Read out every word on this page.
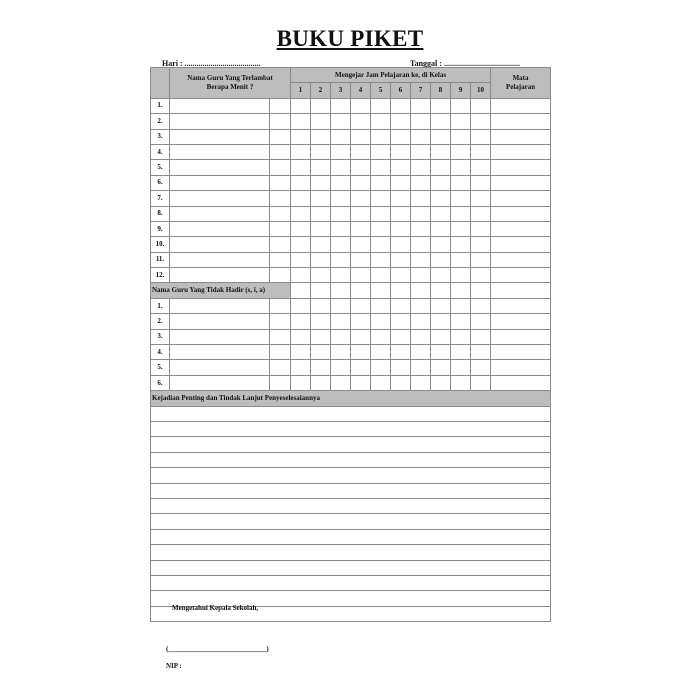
BUKU PIKET
Hari : ......................................	Tanggal : ......................................
	Nama Guru Yang Terlambat Berapa Menit ?		Mengejar Jam Pelajaran ke, di Kelas										Mata Pelajaran
			1	2	3	4	5	6	7	8	9	10	
1.													
2.													
3.													
4.													
5.													
6.													
7.													
8.													
9.													
10.													
11.													
12.													
Nama Guru Yang Tidak Hadir (s, i, a)													
1.													
2.													
3.													
4.													
5.													
6.													
Kejadian Penting dan Tindak Lanjut Penyeselesaiannya													

Mengetahui Kepala Sekolah,
(____________________________)
NIP :
